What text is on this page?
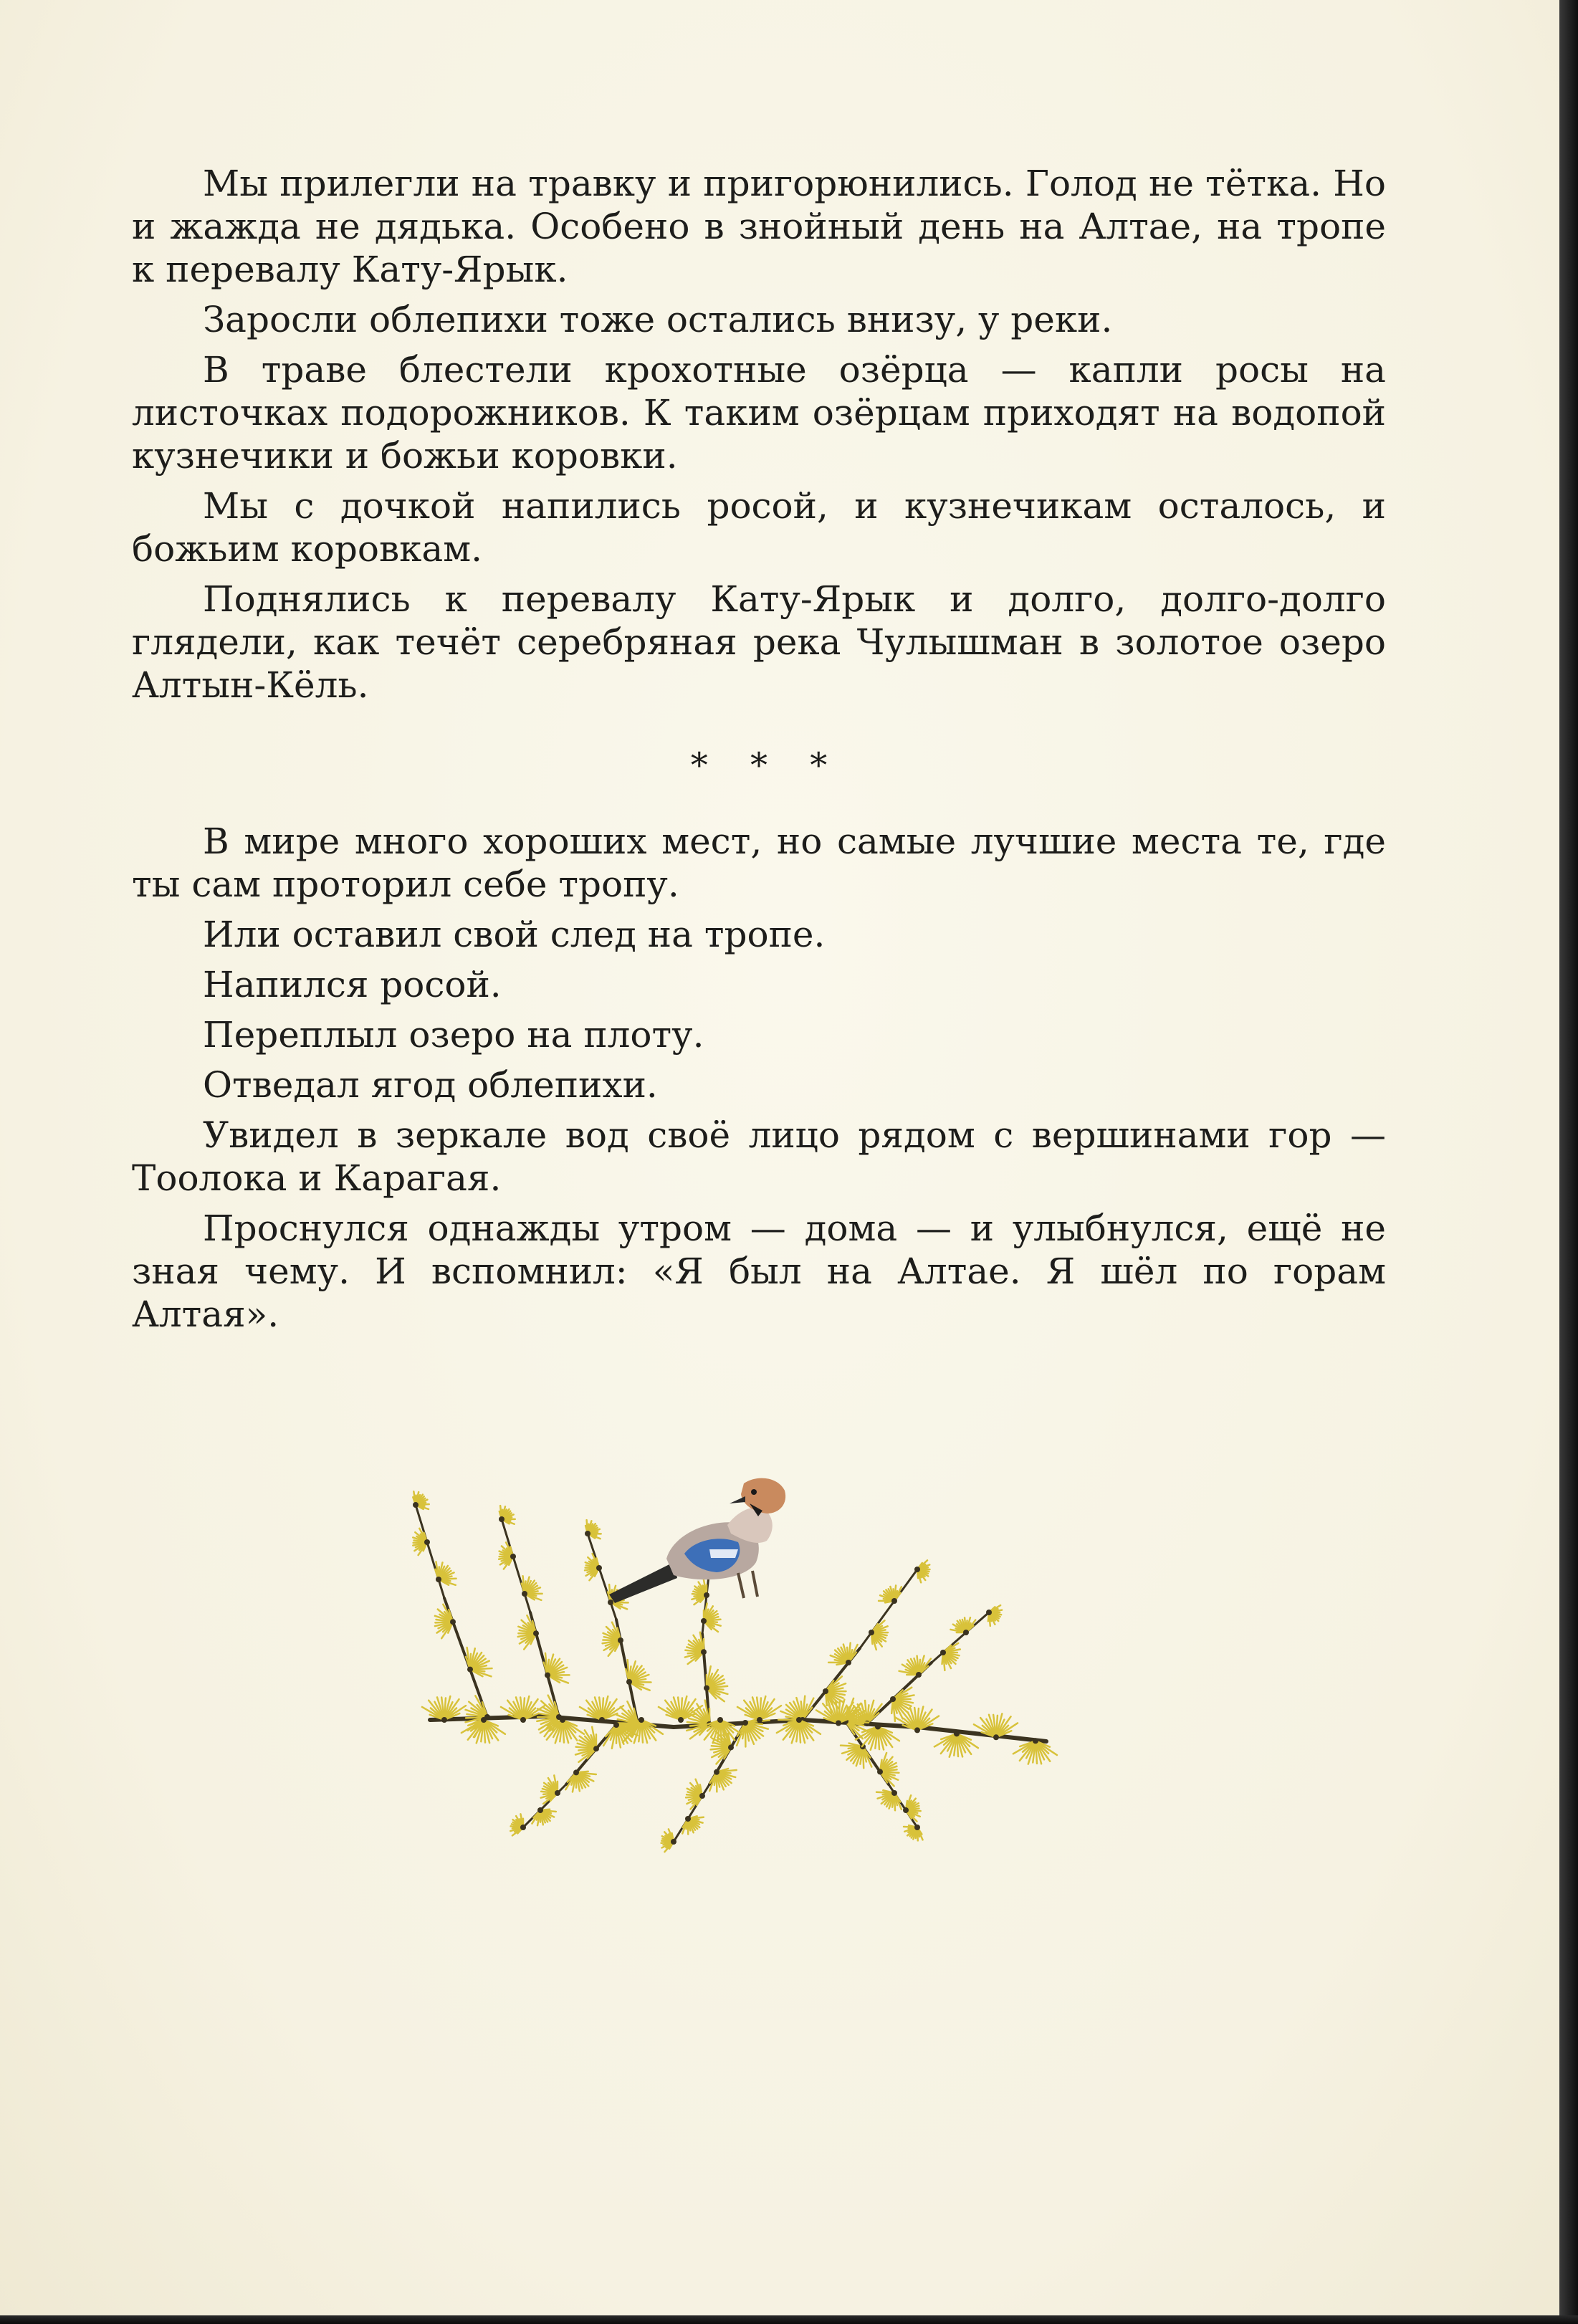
Мы прилегли на травку и пригорюнились. Голод не тётка. Но и жажда не дядька. Особено в знойный день на Алтае, на тропе к перевалу Кату-Ярык.

Заросли облепихи тоже остались внизу, у реки.

В траве блестели крохотные озёрца — капли росы на листочках подорожников. К таким озёрцам приходят на водопой кузнечики и божьи коровки.

Мы с дочкой напились росой, и кузнечикам осталось, и божьим коровкам.

Поднялись к перевалу Кату-Ярык и долго, долго-долго глядели, как течёт серебряная река Чулышман в золотое озеро Алтын-Кёль.

* * *

В мире много хороших мест, но самые лучшие места те, где ты сам проторил себе тропу.

Или оставил свой след на тропе.

Напился росой.

Переплыл озеро на плоту.

Отведал ягод облепихи.

Увидел в зеркале вод своё лицо рядом с вершинами гор — Тоолока и Карагая.

Проснулся однажды утром — дома — и улыбнулся, ещё не зная чему. И вспомнил: «Я был на Алтае. Я шёл по горам Алтая».
